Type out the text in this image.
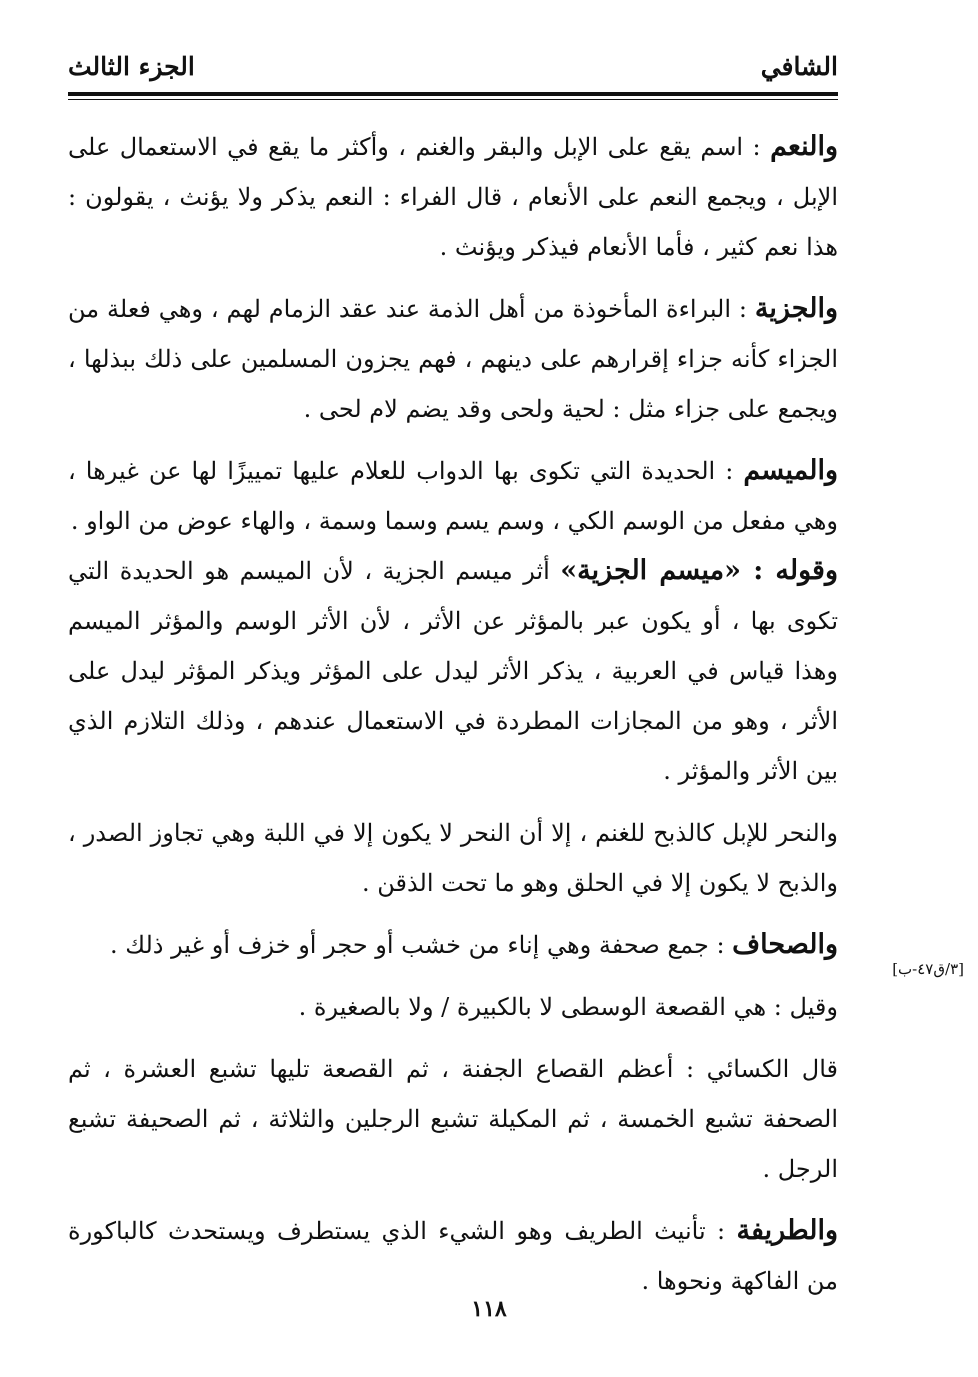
الشافي
الجزء الثالث

والنعم : اسم يقع على الإبل والبقر والغنم ، وأكثر ما يقع في الاستعمال على الإبل ، ويجمع النعم على الأنعام ، قال الفراء : النعم يذكر ولا يؤنث ، يقولون : هذا نعم كثير ، فأما الأنعام فيذكر ويؤنث .

والجزية : البراءة المأخوذة من أهل الذمة عند عقد الزمام لهم ، وهي فعلة من الجزاء كأنه جزاء إقرارهم على دينهم ، فهم يجزون المسلمين على ذلك ببذلها ، ويجمع على جزاء مثل : لحية ولحى وقد يضم لام لحى .

والميسم : الحديدة التي تكوى بها الدواب للعلام عليها تمييزًا لها عن غيرها ، وهي مفعل من الوسم الكي ، وسم يسم وسما وسمة ، والهاء عوض من الواو .

وقوله : «ميسم الجزية» أثر ميسم الجزية ، لأن الميسم هو الحديدة التي تكوى بها ، أو يكون عبر بالمؤثر عن الأثر ، لأن الأثر الوسم والمؤثر الميسم وهذا قياس في العربية ، يذكر الأثر ليدل على المؤثر ويذكر المؤثر ليدل على الأثر ، وهو من المجازات المطردة في الاستعمال عندهم ، وذلك التلازم الذي بين الأثر والمؤثر .

والنحر للإبل كالذبح للغنم ، إلا أن النحر لا يكون إلا في اللبة وهي تجاوز الصدر ، والذبح لا يكون إلا في الحلق وهو ما تحت الذقن .

والصحاف : جمع صحفة وهي إناء من خشب أو حجر أو خزف أو غير ذلك .

وقيل : هي القصعة الوسطى لا بالكبيرة / ولا بالصغيرة .

قال الكسائي : أعظم القصاع الجفنة ، ثم القصعة تليها تشبع العشرة ، ثم الصحفة تشبع الخمسة ، ثم المكيلة تشبع الرجلين والثلاثة ، ثم الصحيفة تشبع الرجل .

والطريفة : تأنيث الطريف وهو الشيء الذي يستطرف ويستحدث كالباكورة من الفاكهة ونحوها .

[٣/ق٤٧-ب]
١١٨
